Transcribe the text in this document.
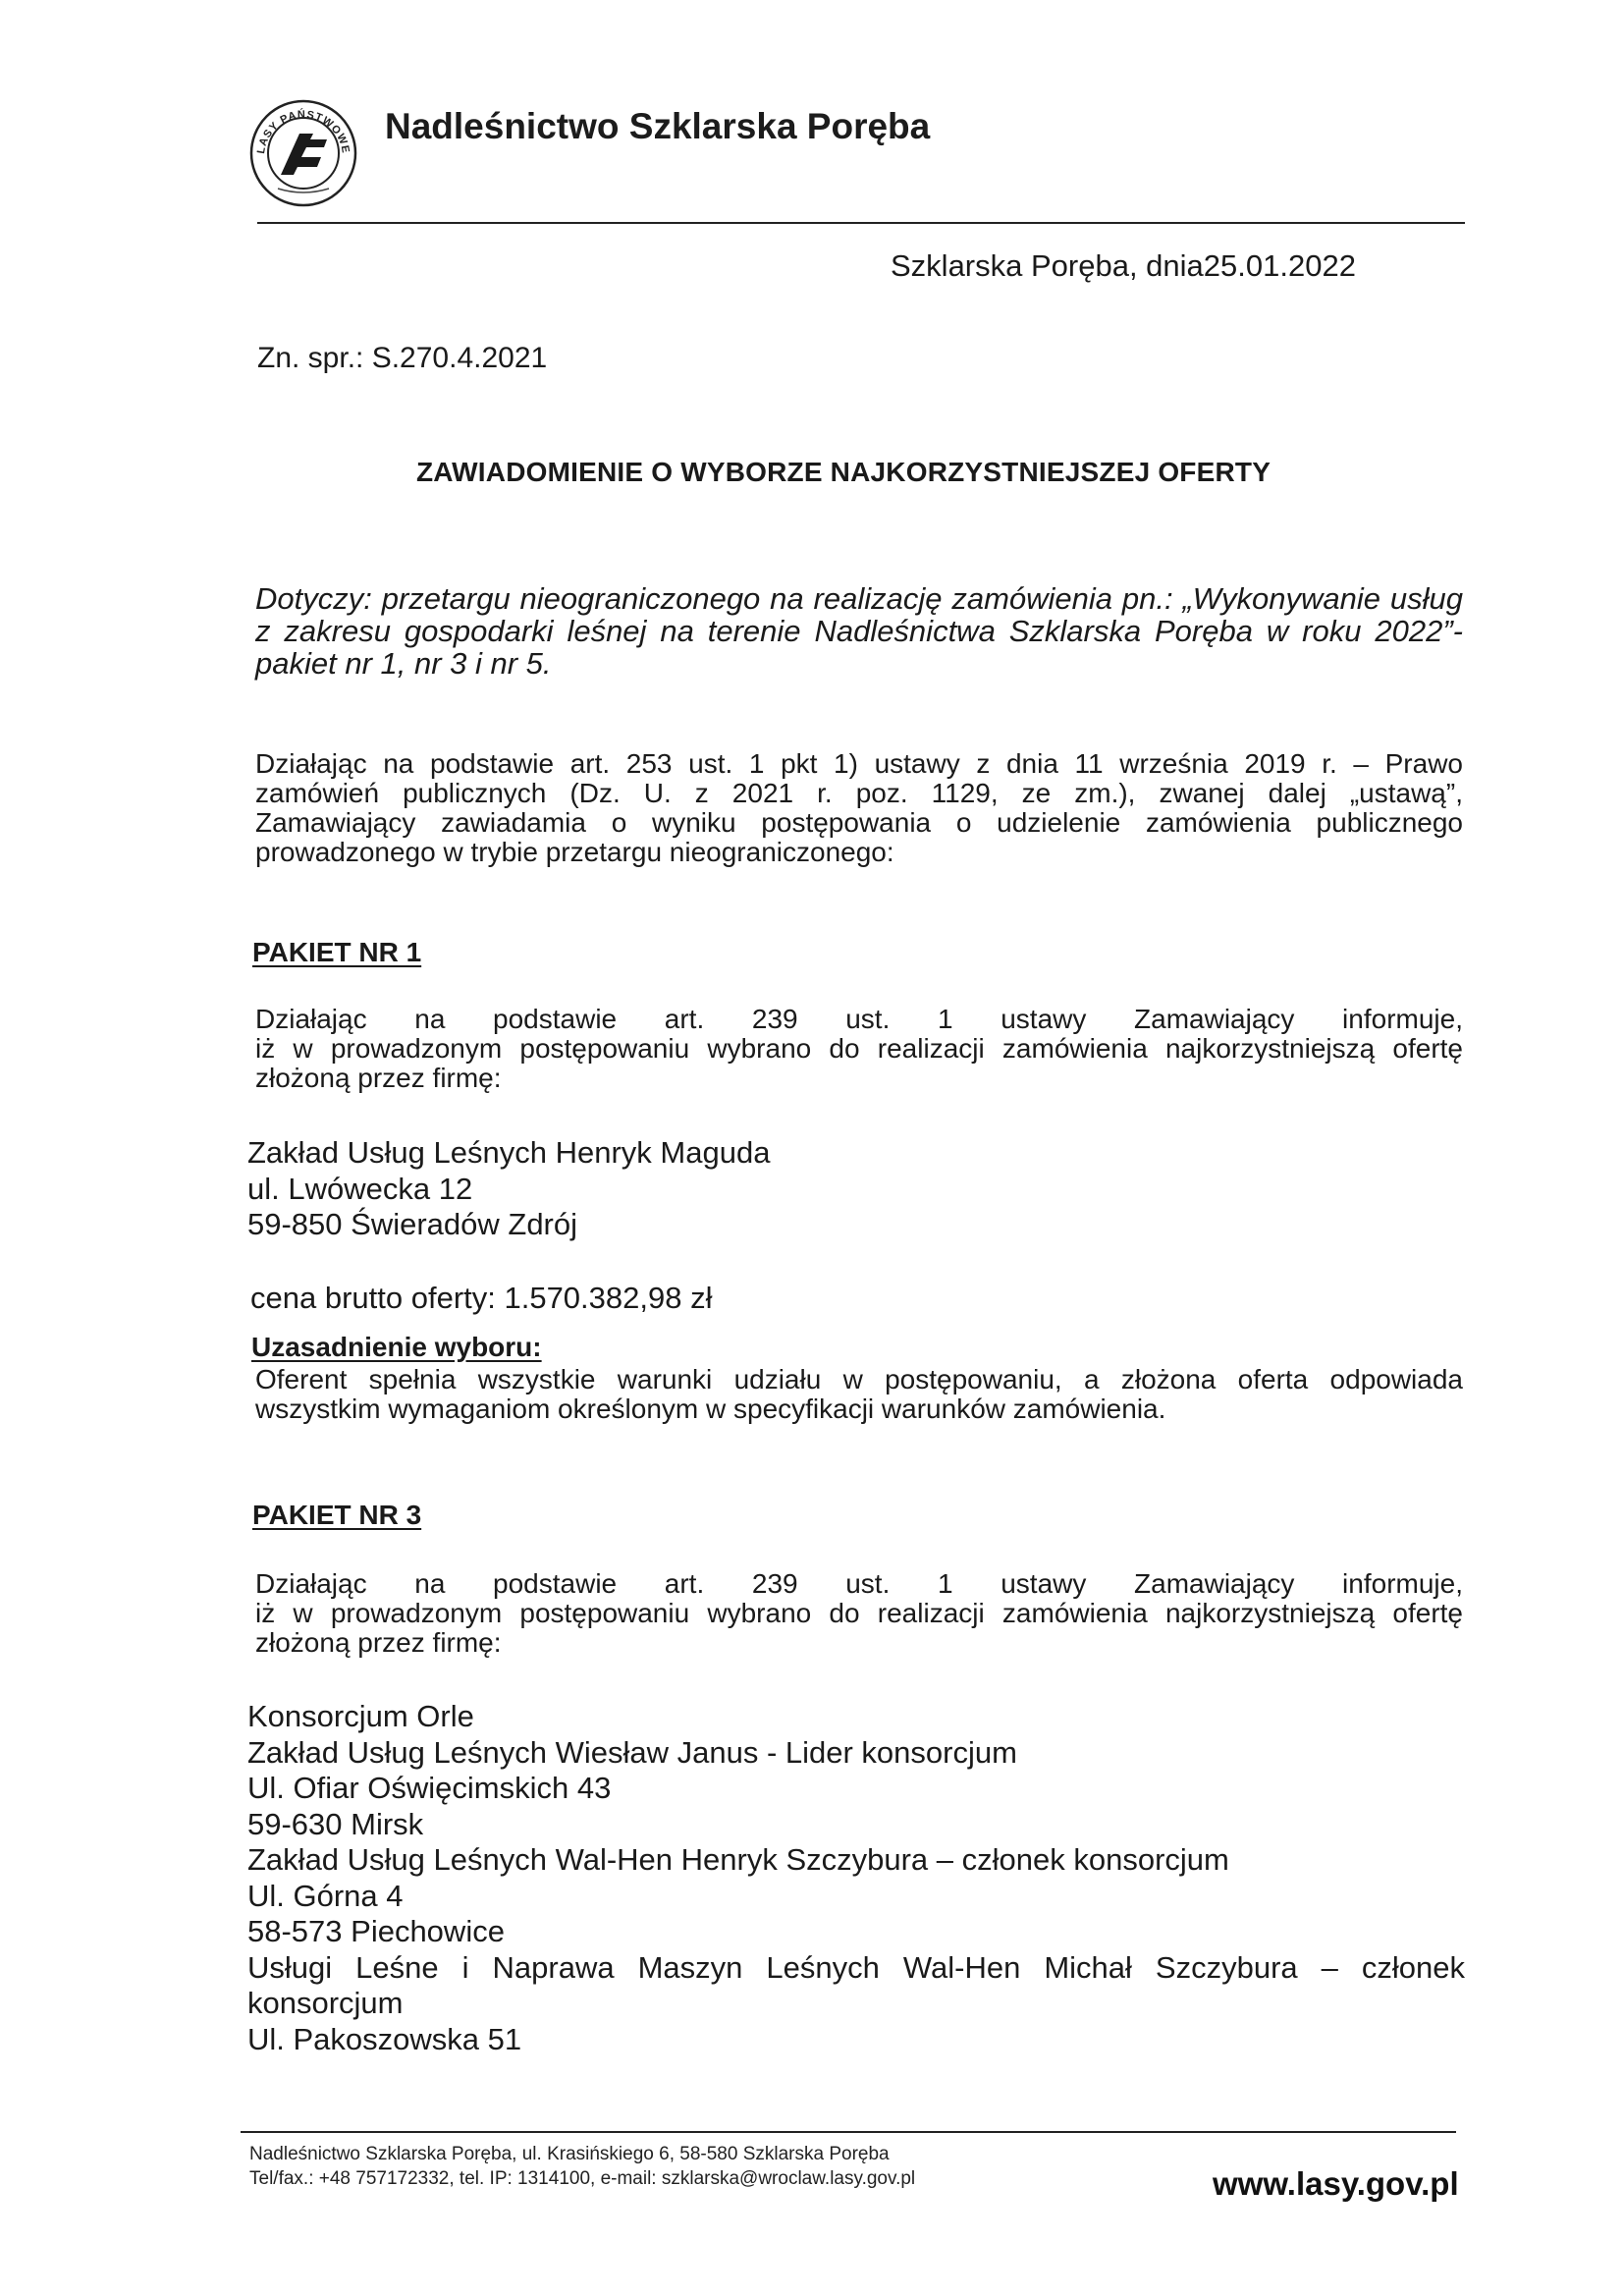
LASY PAŃSTWOWE
Nadleśnictwo Szklarska Poręba
Szklarska Poręba, dnia25.01.2022
Zn. spr.: S.270.4.2021
ZAWIADOMIENIE O WYBORZE NAJKORZYSTNIEJSZEJ OFERTY
Dotyczy: przetargu nieograniczonego na realizację zamówienia pn.: „Wykonywanie usług
z zakresu gospodarki leśnej na terenie Nadleśnictwa Szklarska Poręba w roku 2022”-
pakiet nr 1, nr 3 i nr 5.
Działając na podstawie art. 253 ust. 1 pkt 1) ustawy z dnia 11 września 2019 r. – Prawo
zamówień publicznych (Dz. U. z 2021 r. poz. 1129, ze zm.), zwanej dalej „ustawą”,
Zamawiający zawiadamia o wyniku postępowania o udzielenie zamówienia publicznego
prowadzonego w trybie przetargu nieograniczonego:
PAKIET NR 1
Działając na podstawie art. 239 ust. 1 ustawy Zamawiający informuje,
iż w prowadzonym postępowaniu wybrano do realizacji zamówienia najkorzystniejszą ofertę
złożoną przez firmę:
Zakład Usług Leśnych Henryk Maguda
ul. Lwówecka 12
59-850 Świeradów Zdrój
cena brutto oferty: 1.570.382,98 zł
Uzasadnienie wyboru:
Oferent spełnia wszystkie warunki udziału w postępowaniu, a złożona oferta odpowiada
wszystkim wymaganiom określonym w specyfikacji warunków zamówienia.
PAKIET NR 3
Działając na podstawie art. 239 ust. 1 ustawy Zamawiający informuje,
iż w prowadzonym postępowaniu wybrano do realizacji zamówienia najkorzystniejszą ofertę
złożoną przez firmę:
Konsorcjum Orle
Zakład Usług Leśnych Wiesław Janus - Lider konsorcjum
Ul. Ofiar Oświęcimskich 43
59-630 Mirsk
Zakład Usług Leśnych Wal-Hen Henryk Szczybura – członek konsorcjum
Ul. Górna 4
58-573 Piechowice
Usługi Leśne i Naprawa Maszyn Leśnych Wal-Hen Michał Szczybura – członek
konsorcjum
Ul. Pakoszowska 51
Nadleśnictwo Szklarska Poręba, ul. Krasińskiego 6, 58-580 Szklarska Poręba
Tel/fax.: +48 757172332, tel. IP: 1314100, e-mail: szklarska@wroclaw.lasy.gov.pl	www.lasy.gov.pl
